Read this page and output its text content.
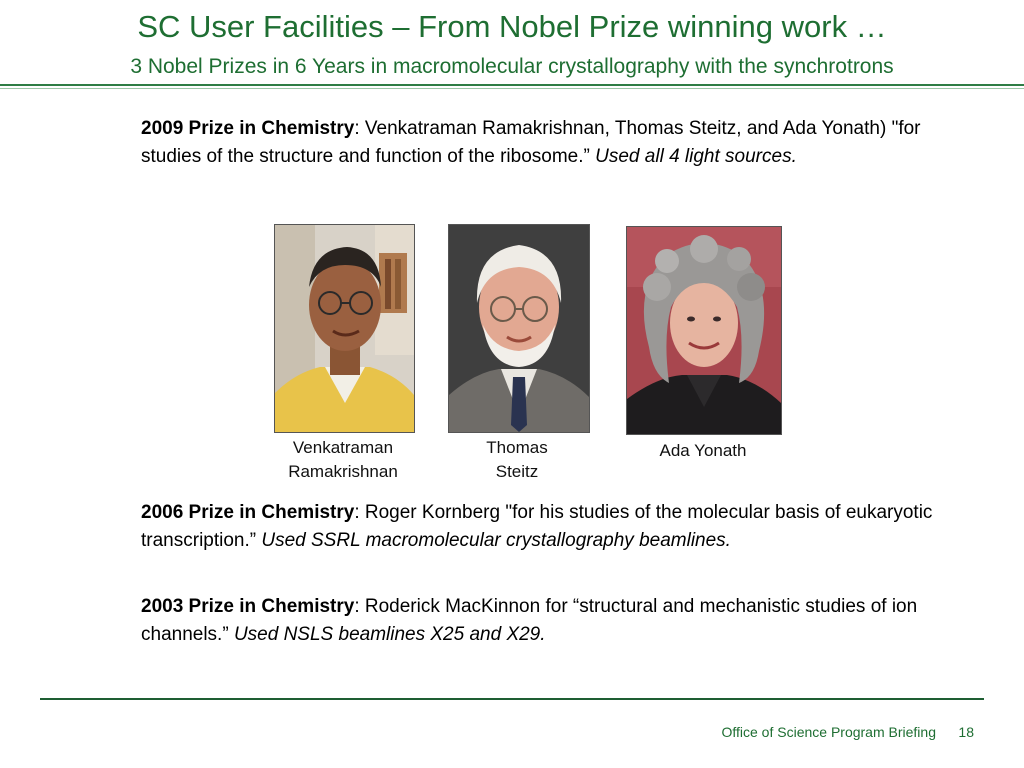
SC User Facilities – From Nobel Prize winning work …
3 Nobel Prizes in 6 Years in macromolecular crystallography with the synchrotrons
2009 Prize in Chemistry: Venkatraman Ramakrishnan, Thomas Steitz, and Ada Yonath) "for studies of the structure and function of the ribosome.” Used all 4 light sources.
Venkatraman
Ramakrishnan
Thomas
Steitz
Ada Yonath
2006 Prize in Chemistry: Roger Kornberg "for his studies of the molecular basis of eukaryotic transcription.” Used SSRL macromolecular crystallography beamlines.
2003 Prize in Chemistry: Roderick MacKinnon for “structural and mechanistic studies of ion channels.” Used NSLS beamlines X25 and X29.
Office of Science Program Briefing 18
